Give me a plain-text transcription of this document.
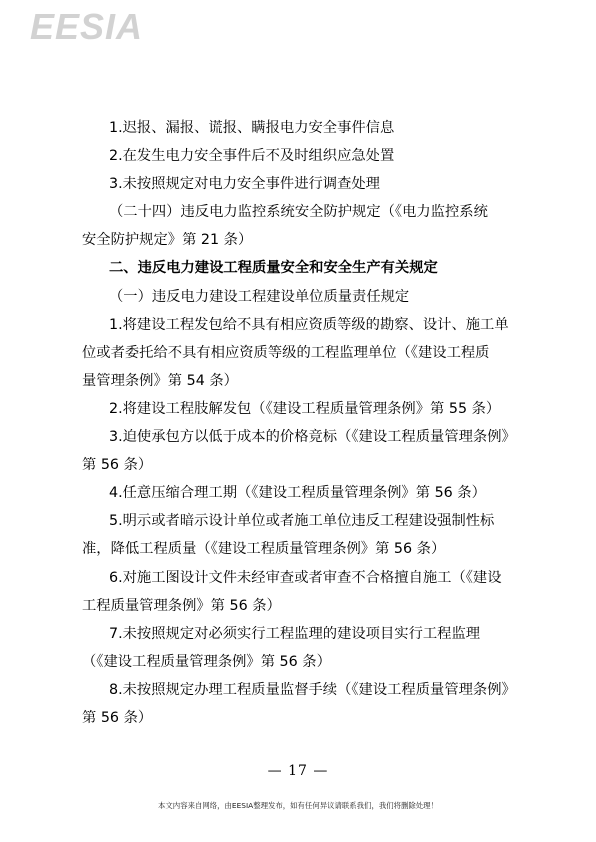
EESIA

1.迟报、漏报、谎报、瞒报电力安全事件信息

2.在发生电力安全事件后不及时组织应急处置

3.未按照规定对电力安全事件进行调查处理

（二十四）违反电力监控系统安全防护规定（《电力监控系统

安全防护规定》第 21 条）

二、违反电力建设工程质量安全和安全生产有关规定

（一）违反电力建设工程建设单位质量责任规定

1.将建设工程发包给不具有相应资质等级的勘察、设计、施工单

位或者委托给不具有相应资质等级的工程监理单位（《建设工程质

量管理条例》第 54 条）

2.将建设工程肢解发包（《建设工程质量管理条例》第 55 条）

3.迫使承包方以低于成本的价格竞标（《建设工程质量管理条例》

第 56 条）

4.任意压缩合理工期（《建设工程质量管理条例》第 56 条）

5.明示或者暗示设计单位或者施工单位违反工程建设强制性标

准，降低工程质量（《建设工程质量管理条例》第 56 条）

6.对施工图设计文件未经审查或者审查不合格擅自施工（《建设

工程质量管理条例》第 56 条）

7.未按照规定对必须实行工程监理的建设项目实行工程监理

（《建设工程质量管理条例》第 56 条）

8.未按照规定办理工程质量监督手续（《建设工程质量管理条例》

第 56 条）

— 17 —
本文内容来自网络，由EESIA整理发布，如有任何异议请联系我们，我们将删除处理！
